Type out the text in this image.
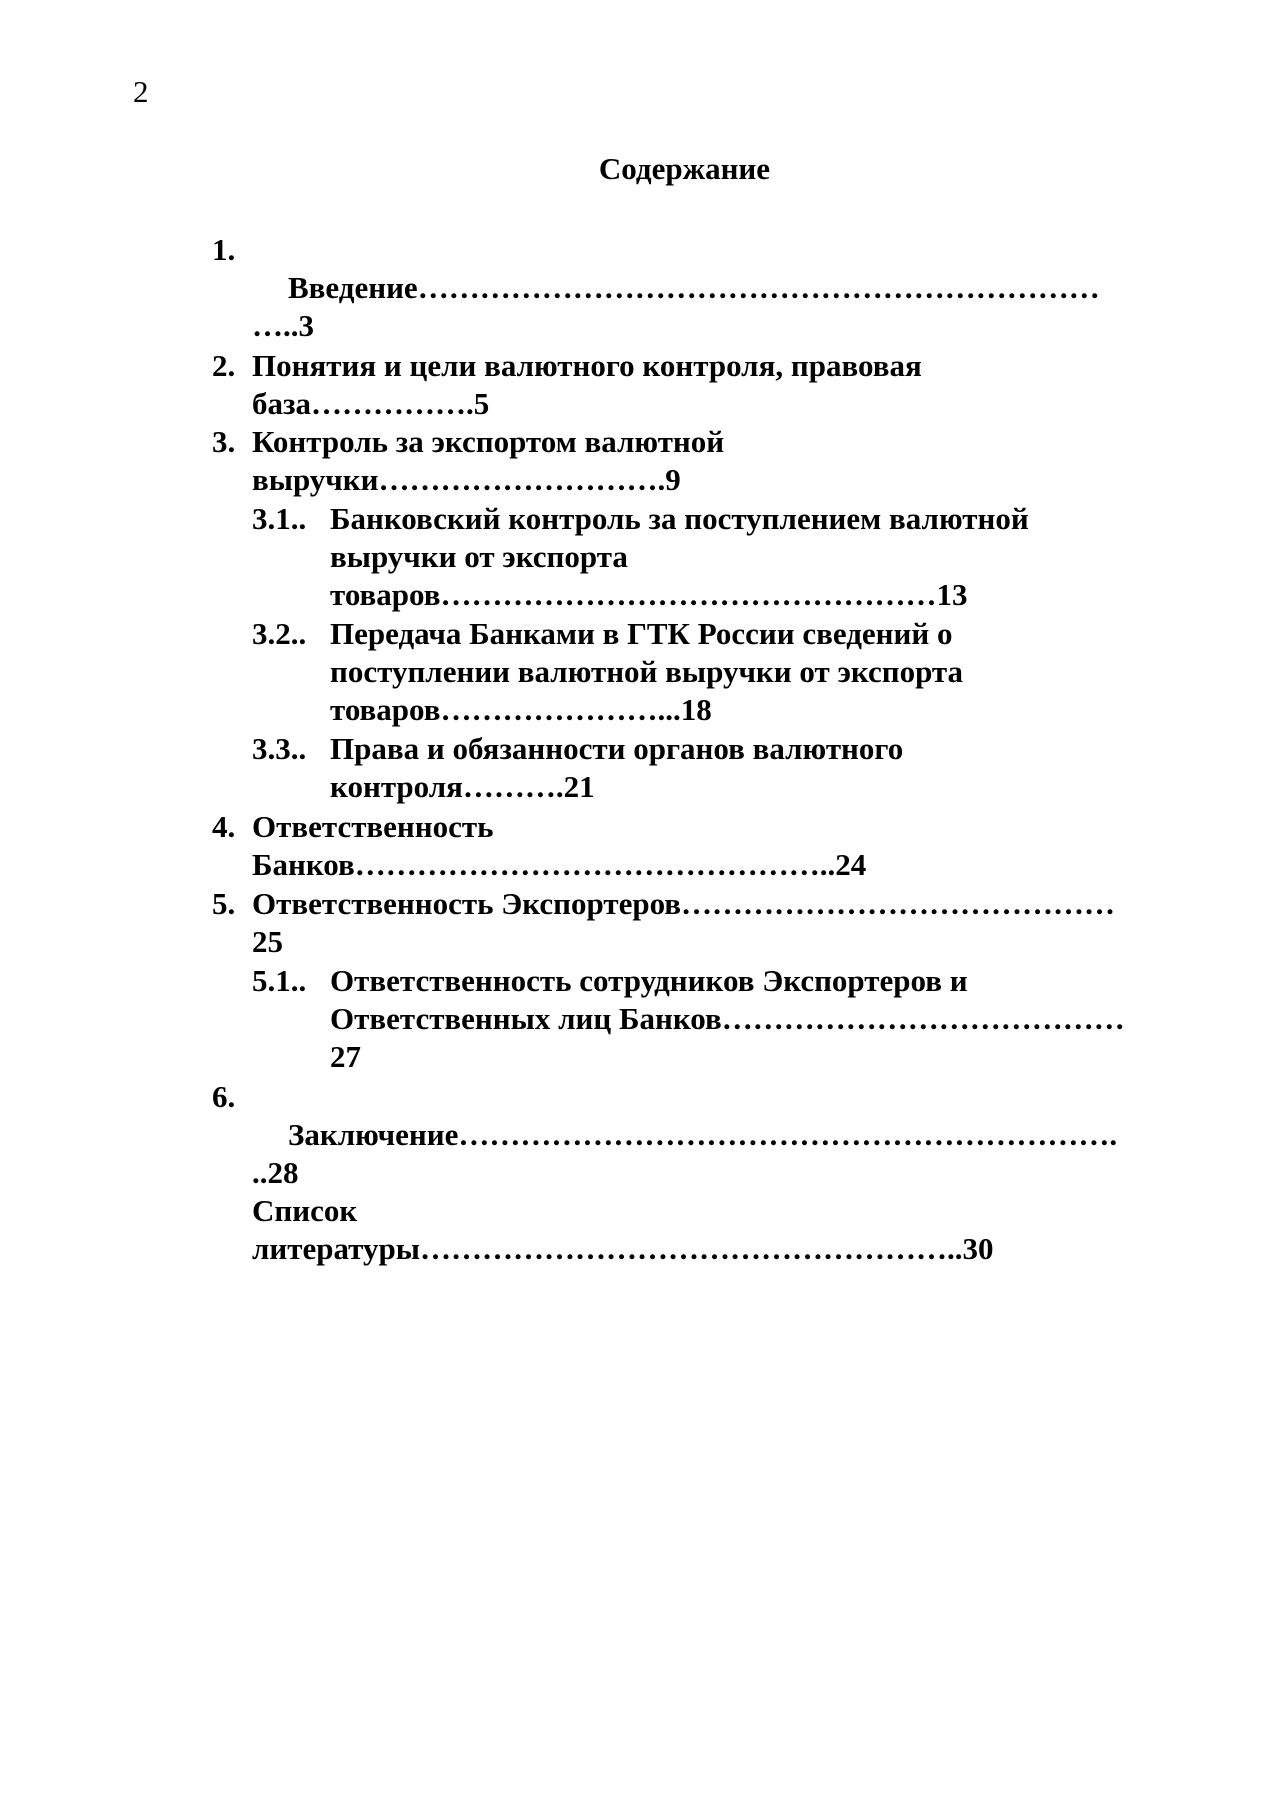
2
Содержание
1.
Введение…………………………………………………………
…..3
2. Понятия и цели валютного контроля, правовая
база…………….5
3. Контроль за экспортом валютной
выручки……………………….9
3.1.. Банковский контроль за поступлением валютной
выручки от экспорта
товаров…………………………………………13
3.2.. Передача Банками в ГТК России сведений о
поступлении валютной выручки от экспорта
товаров…………………...18
3.3.. Права и обязанности органов валютного
контроля……….21
4. Ответственность
Банков………………………………………..24
5. Ответственность Экспортеров……………………………………
25
5.1.. Ответственность сотрудников Экспортеров и
Ответственных лиц Банков…………………………………
27
6.
Заключение……………………………………………………….
..28
Список
литературы……………………………………………..30
